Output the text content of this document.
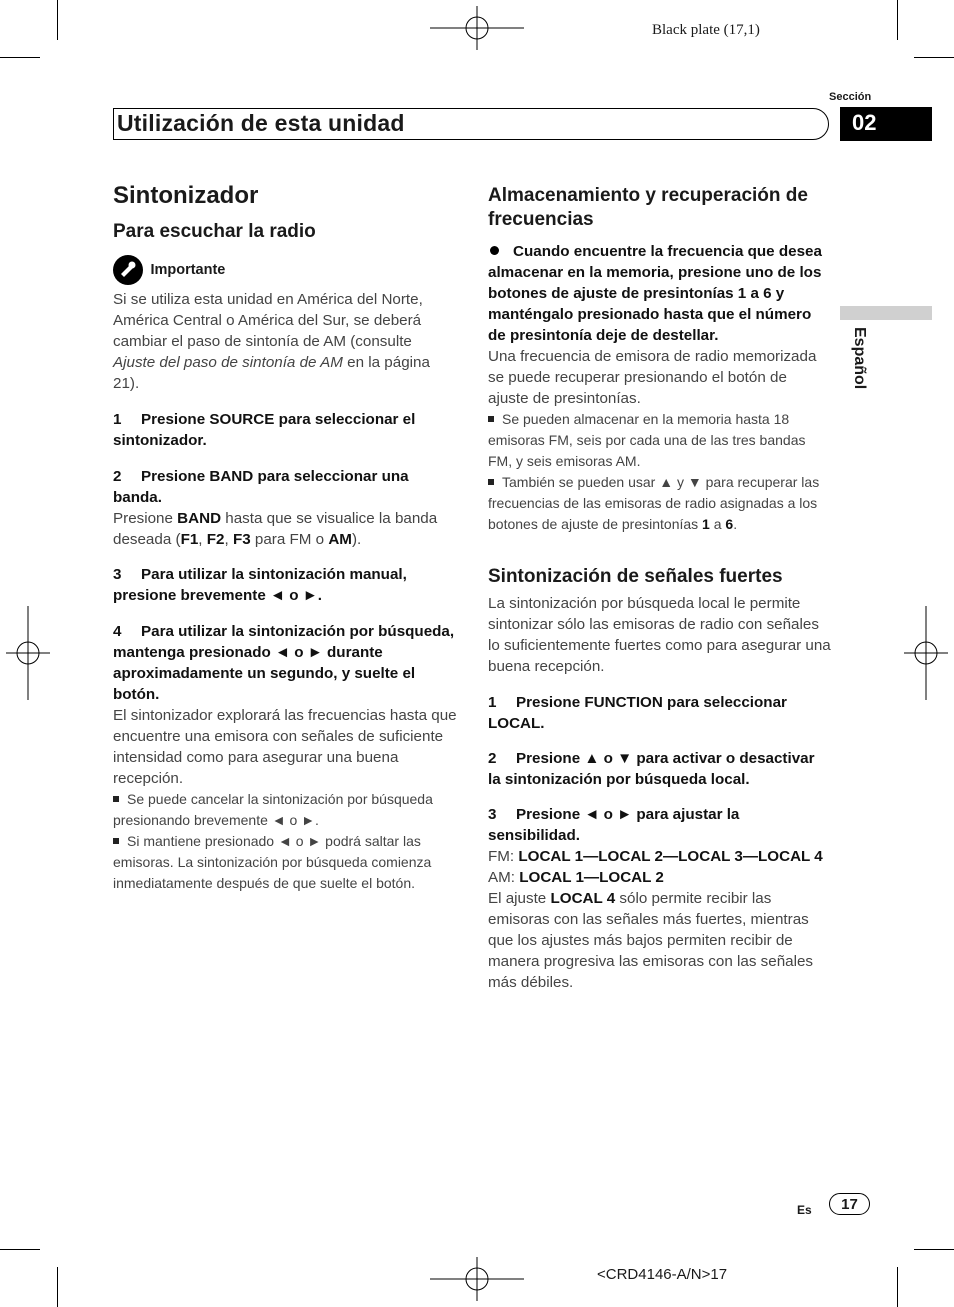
Black plate (17,1)
Sección
Utilización de esta unidad	02
Español
Sintonizador
Para escuchar la radio
Importante

Si se utiliza esta unidad en América del Norte, América Central o América del Sur, se deberá cambiar el paso de sintonía de AM (consulte Ajuste del paso de sintonía de AM en la página 21).

1 Presione SOURCE para seleccionar el sintonizador.

2 Presione BAND para seleccionar una banda.

Presione BAND hasta que se visualice la banda deseada (F1, F2, F3 para FM o AM).

3 Para utilizar la sintonización manual, presione brevemente ◄ o ►.

4 Para utilizar la sintonización por búsqueda, mantenga presionado ◄ o ► durante aproximadamente un segundo, y suelte el botón.

El sintonizador explorará las frecuencias hasta que encuentre una emisora con señales de suficiente intensidad como para asegurar una buena recepción.

Se puede cancelar la sintonización por búsqueda presionando brevemente ◄ o ►.

Si mantiene presionado ◄ o ► podrá saltar las emisoras. La sintonización por búsqueda comienza inmediatamente después de que suelte el botón.

Almacenamiento y recuperación de frecuencias

Cuando encuentre la frecuencia que desea almacenar en la memoria, presione uno de los botones de ajuste de presintonías 1 a 6 y manténgalo presionado hasta que el número de presintonía deje de destellar.

Una frecuencia de emisora de radio memorizada se puede recuperar presionando el botón de ajuste de presintonías.

Se pueden almacenar en la memoria hasta 18 emisoras FM, seis por cada una de las tres bandas FM, y seis emisoras AM.

También se pueden usar ▲ y ▼ para recuperar las frecuencias de las emisoras de radio asignadas a los botones de ajuste de presintonías 1 a 6.

Sintonización de señales fuertes

La sintonización por búsqueda local le permite sintonizar sólo las emisoras de radio con señales lo suficientemente fuertes como para asegurar una buena recepción.

1 Presione FUNCTION para seleccionar LOCAL.

2 Presione ▲ o ▼ para activar o desactivar la sintonización por búsqueda local.

3 Presione ◄ o ► para ajustar la sensibilidad.

FM: LOCAL 1—LOCAL 2—LOCAL 3—LOCAL 4

AM: LOCAL 1—LOCAL 2

El ajuste LOCAL 4 sólo permite recibir las emisoras con las señales más fuertes, mientras que los ajustes más bajos permiten recibir de manera progresiva las emisoras con las señales más débiles.

Es	17
<CRD4146-A/N>17
